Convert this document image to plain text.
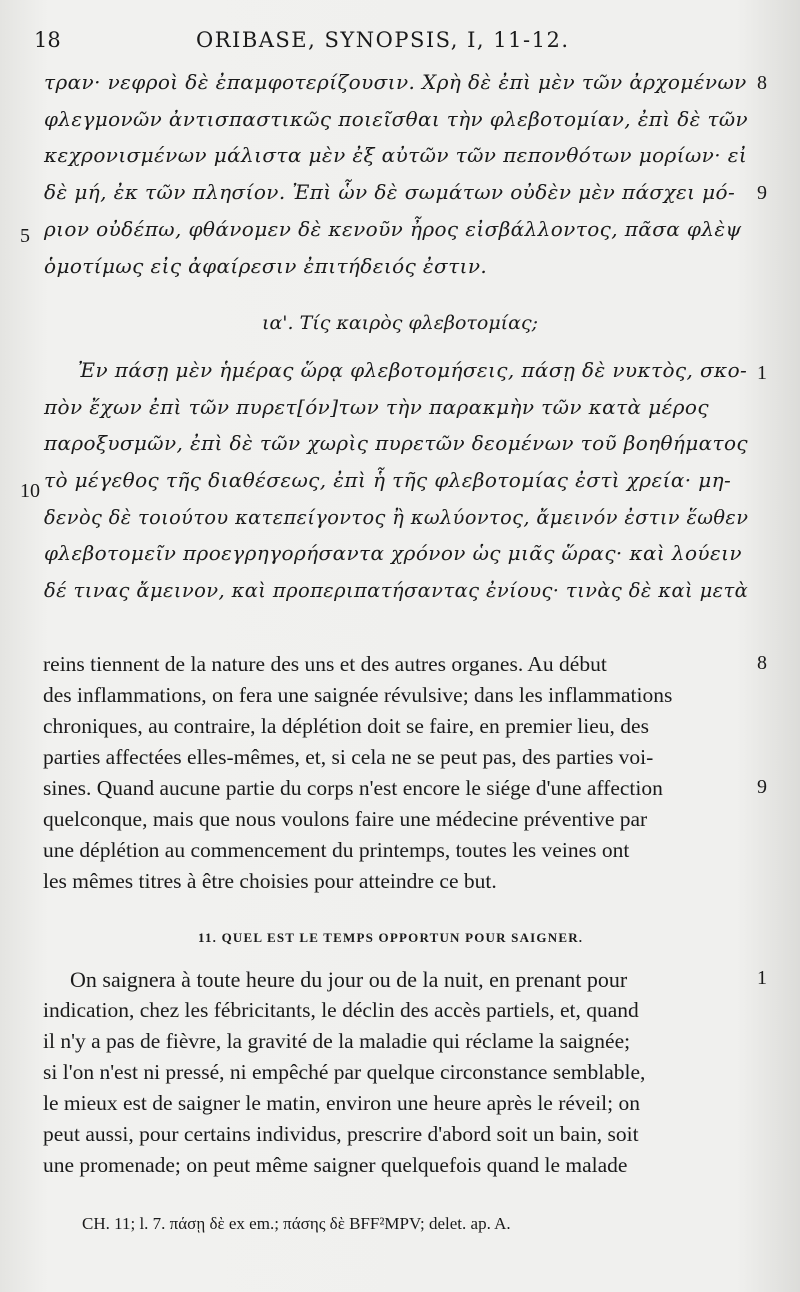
18	ORIBASE, SYNOPSIS, I, 11-12.
τραν· νεφροὶ δὲ ἐπαμφοτερίζουσιν. Χρὴ δὲ ἐπὶ μὲν τῶν ἀρχομένων 8
φλεγμονῶν ἀντισπαστικῶς ποιεῖσθαι τὴν φλεβοτομίαν, ἐπὶ δὲ τῶν
κεχρονισμένων μάλιστα μὲν ἐξ αὐτῶν τῶν πεπονθότων μορίων· εἰ
δὲ μή, ἐκ τῶν πλησίον. Ἐπὶ ὧν δὲ σωμάτων οὐδὲν μὲν πάσχει μό- 9
5 ριον οὐδέπω, φθάνομεν δὲ κενοῦν ἦρος εἰσβάλλοντος, πᾶσα φλὲψ
ὁμοτίμως εἰς ἀφαίρεσιν ἐπιτήδειός ἐστιν.
ια'. Τίς καιρὸς φλεβοτομίας;
Ἐν πάσῃ μὲν ἡμέρας ὥρᾳ φλεβοτομήσεις, πάσῃ δὲ νυκτὸς, σκο- 1
πὸν ἔχων ἐπὶ τῶν πυρετ[όν]των τὴν παρακμὴν τῶν κατὰ μέρος
παροξυσμῶν, ἐπὶ δὲ τῶν χωρὶς πυρετῶν δεομένων τοῦ βοηθήματος
10 τὸ μέγεθος τῆς διαθέσεως, ἐπὶ ἧ τῆς φλεβοτομίας ἐστὶ χρεία· μη-
δενὸς δὲ τοιούτου κατεπείγοντος ἢ κωλύοντος, ἄμεινόν ἐστιν ἕωθεν
φλεβοτομεῖν προεγρηγορήσαντα χρόνον ὡς μιᾶς ὥρας· καὶ λούειν
δέ τινας ἄμεινον, καὶ προπεριπατήσαντας ἐνίους· τινὰς δὲ καὶ μετὰ
reins tiennent de la nature des uns et des autres organes. Au début	8
des inflammations, on fera une saignée révulsive; dans les inflammations
chroniques, au contraire, la déplétion doit se faire, en premier lieu, des
parties affectées elles-mêmes, et, si cela ne se peut pas, des parties voi-
sines. Quand aucune partie du corps n'est encore le siége d'une affection	9
quelconque, mais que nous voulons faire une médecine préventive par
une déplétion au commencement du printemps, toutes les veines ont
les mêmes titres à être choisies pour atteindre ce but.
11. QUEL EST LE TEMPS OPPORTUN POUR SAIGNER.
On saignera à toute heure du jour ou de la nuit, en prenant pour	1
indication, chez les fébricitants, le déclin des accès partiels, et, quand
il n'y a pas de fièvre, la gravité de la maladie qui réclame la saignée;
si l'on n'est ni pressé, ni empêché par quelque circonstance semblable,
le mieux est de saigner le matin, environ une heure après le réveil; on
peut aussi, pour certains individus, prescrire d'abord soit un bain, soit
une promenade; on peut même saigner quelquefois quand le malade
CH. 11; l. 7. πάσῃ δὲ ex em.; πάσης δὲ BFF²MPV; delet. ap. A.
